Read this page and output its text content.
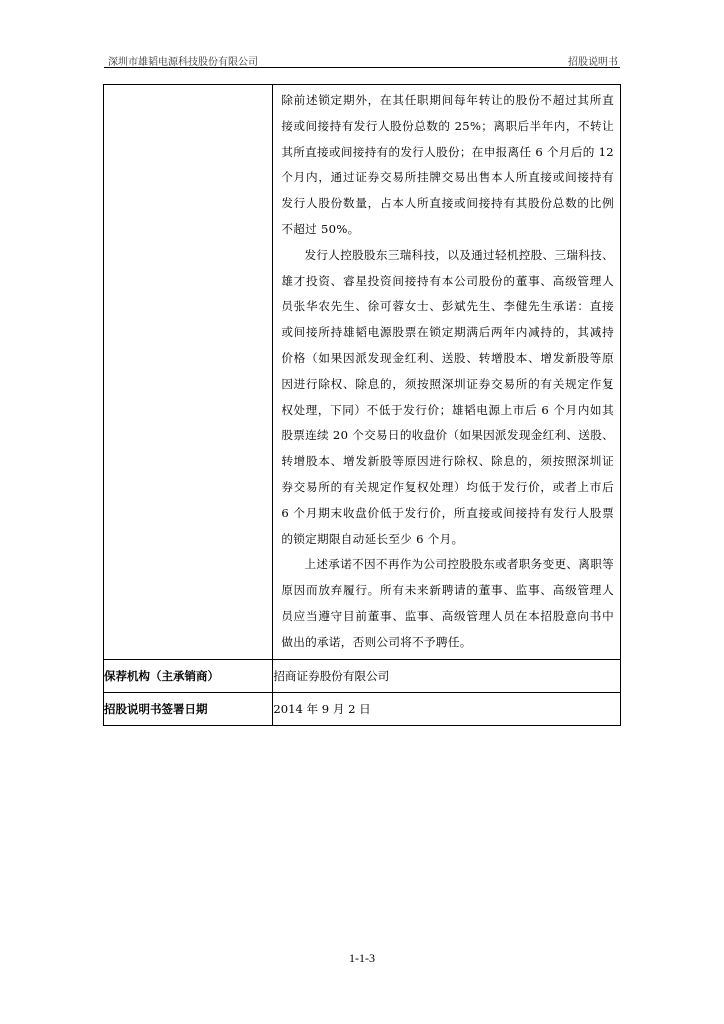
深圳市雄韬电源科技股份有限公司	招股说明书

	除前述锁定期外，在其任职期间每年转让的股份不超过其所直接或间接持有发行人股份总数的 25%；离职后半年内，不转让其所直接或间接持有的发行人股份；在申报离任 6 个月后的 12 个月内，通过证券交易所挂牌交易出售本人所直接或间接持有发行人股份数量，占本人所直接或间接持有其股份总数的比例不超过 50%。

发行人控股股东三瑞科技，以及通过轻机控股、三瑞科技、雄才投资、睿星投资间接持有本公司股份的董事、高级管理人员张华农先生、徐可蓉女士、彭斌先生、李健先生承诺：直接或间接所持雄韬电源股票在锁定期满后两年内减持的，其减持价格（如果因派发现金红利、送股、转增股本、增发新股等原因进行除权、除息的，须按照深圳证券交易所的有关规定作复权处理，下同）不低于发行价；雄韬电源上市后 6 个月内如其股票连续 20 个交易日的收盘价（如果因派发现金红利、送股、转增股本、增发新股等原因进行除权、除息的，须按照深圳证券交易所的有关规定作复权处理）均低于发行价，或者上市后 6 个月期末收盘价低于发行价，所直接或间接持有发行人股票的锁定期限自动延长至少 6 个月。

上述承诺不因不再作为公司控股股东或者职务变更、离职等原因而放弃履行。所有未来新聘请的董事、监事、高级管理人员应当遵守目前董事、监事、高级管理人员在本招股意向书中做出的承诺，否则公司将不予聘任。

保荐机构（主承销商）	招商证券股份有限公司
招股说明书签署日期	2014 年 9 月 2 日
1-1-3
